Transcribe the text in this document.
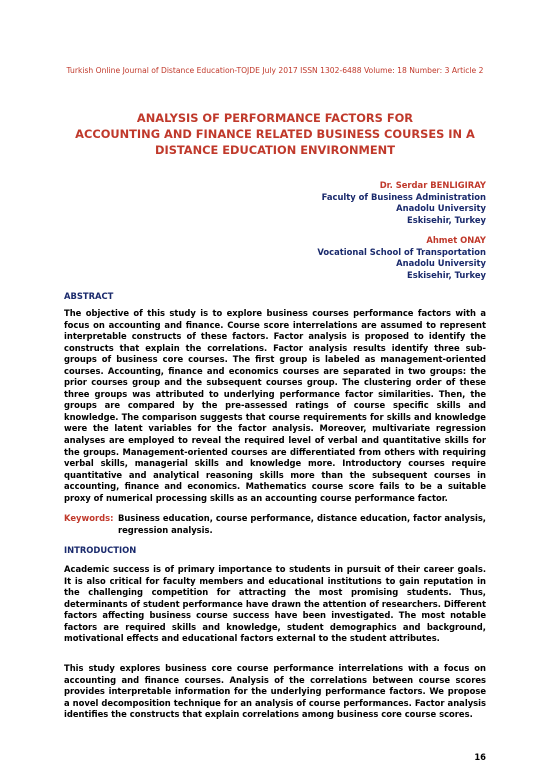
Turkish Online Journal of Distance Education-TOJDE July 2017 ISSN 1302-6488 Volume: 18 Number: 3 Article 2
ANALYSIS OF PERFORMANCE FACTORS FOR
ACCOUNTING AND FINANCE RELATED BUSINESS COURSES IN A
DISTANCE EDUCATION ENVIRONMENT
Dr. Serdar BENLIGIRAY
Faculty of Business Administration
Anadolu University
Eskisehir, Turkey
Ahmet ONAY
Vocational School of Transportation
Anadolu University
Eskisehir, Turkey
ABSTRACT
The objective of this study is to explore business courses performance factors with a focus on accounting and finance. Course score interrelations are assumed to represent interpretable constructs of these factors. Factor analysis is proposed to identify the constructs that explain the correlations. Factor analysis results identify three sub-groups of business core courses. The first group is labeled as management-oriented courses. Accounting, finance and economics courses are separated in two groups: the prior courses group and the subsequent courses group. The clustering order of these three groups was attributed to underlying performance factor similarities. Then, the groups are compared by the pre-assessed ratings of course specific skills and knowledge. The comparison suggests that course requirements for skills and knowledge were the latent variables for the factor analysis. Moreover, multivariate regression analyses are employed to reveal the required level of verbal and quantitative skills for the groups. Management-oriented courses are differentiated from others with requiring verbal skills, managerial skills and knowledge more. Introductory courses require quantitative and analytical reasoning skills more than the subsequent courses in accounting, finance and economics. Mathematics course score fails to be a suitable proxy of numerical processing skills as an accounting course performance factor.
Keywords: Business education, course performance, distance education, factor analysis, regression analysis.
INTRODUCTION
Academic success is of primary importance to students in pursuit of their career goals. It is also critical for faculty members and educational institutions to gain reputation in the challenging competition for attracting the most promising students. Thus, determinants of student performance have drawn the attention of researchers. Different factors affecting business course success have been investigated. The most notable factors are required skills and knowledge, student demographics and background, motivational effects and educational factors external to the student attributes.
This study explores business core course performance interrelations with a focus on accounting and finance courses. Analysis of the correlations between course scores provides interpretable information for the underlying performance factors. We propose a novel decomposition technique for an analysis of course performances. Factor analysis identifies the constructs that explain correlations among business core course scores.
16
